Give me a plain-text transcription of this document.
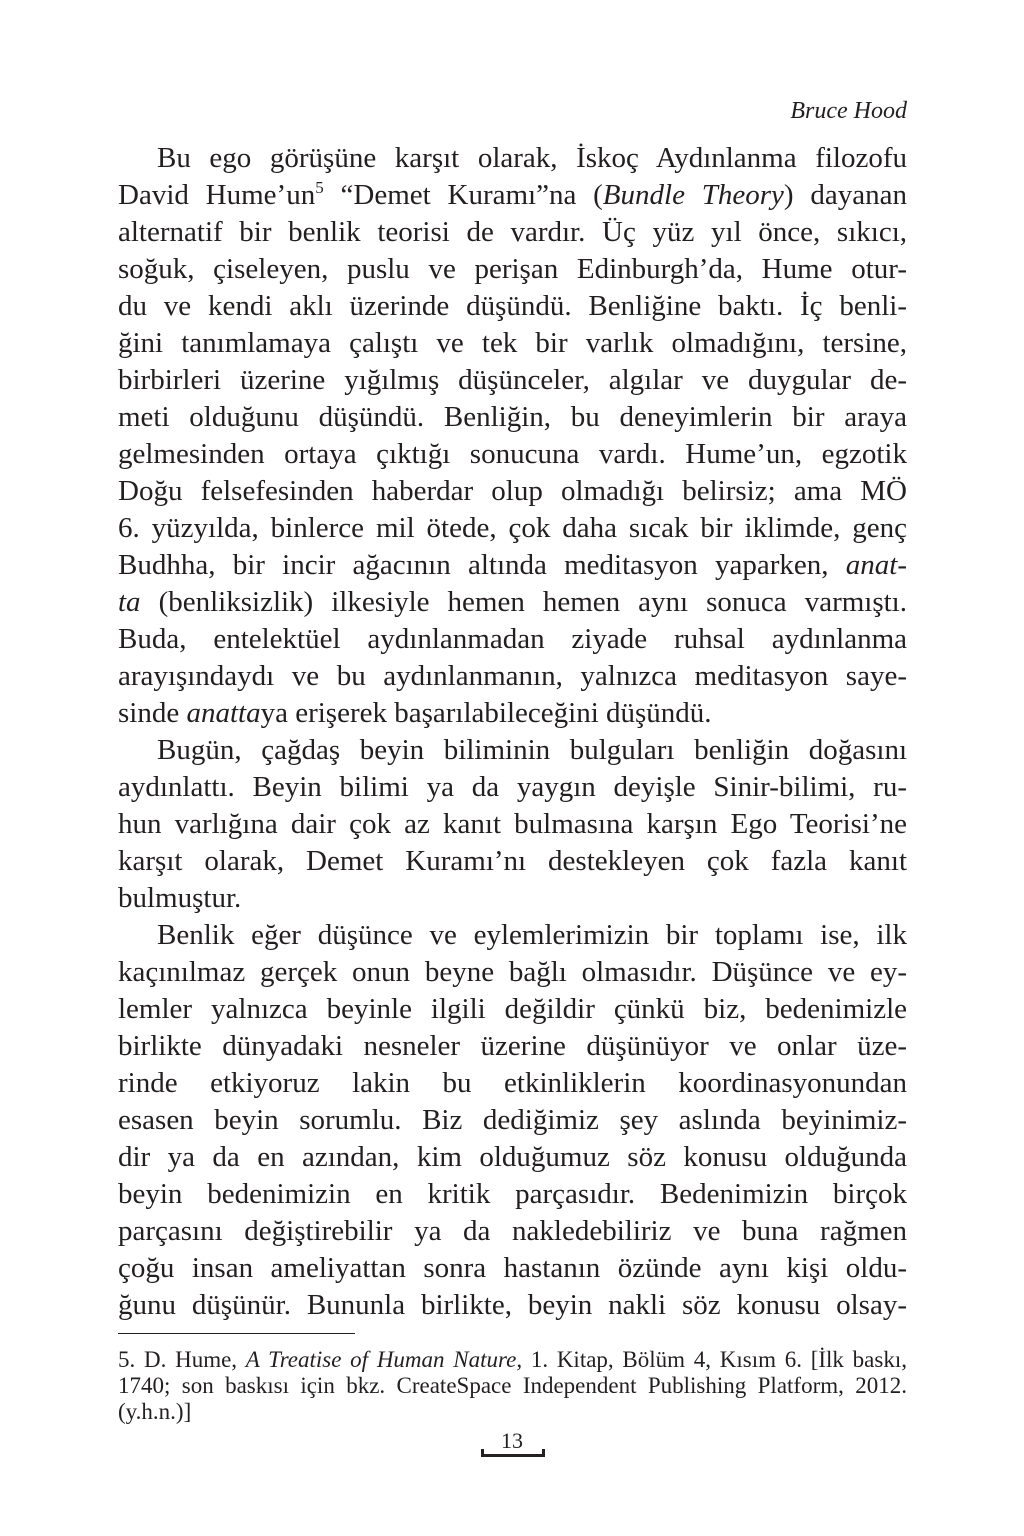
Bruce Hood
Bu ego görüşüne karşıt olarak, İskoç Aydınlanma filozofu
David Hume’un$^5$ “Demet Kuramı”na (Bundle Theory) dayanan
alternatif bir benlik teorisi de vardır. Üç yüz yıl önce, sıkıcı,
soğuk, çiseleyen, puslu ve perişan Edinburgh’da, Hume otur-
du ve kendi aklı üzerinde düşündü. Benliğine baktı. İç benli-
ğini tanımlamaya çalıştı ve tek bir varlık olmadığını, tersine,
birbirleri üzerine yığılmış düşünceler, algılar ve duygular de-
meti olduğunu düşündü. Benliğin, bu deneyimlerin bir araya
gelmesinden ortaya çıktığı sonucuna vardı. Hume’un, egzotik
Doğu felsefesinden haberdar olup olmadığı belirsiz; ama MÖ
6. yüzyılda, binlerce mil ötede, çok daha sıcak bir iklimde, genç
Budhha, bir incir ağacının altında meditasyon yaparken, anat-
ta (benliksizlik) ilkesiyle hemen hemen aynı sonuca varmıştı.
Buda, entelektüel aydınlanmadan ziyade ruhsal aydınlanma
arayışındaydı ve bu aydınlanmanın, yalnızca meditasyon saye-
sinde anattaya erişerek başarılabileceğini düşündü.
Bugün, çağdaş beyin biliminin bulguları benliğin doğasını
aydınlattı. Beyin bilimi ya da yaygın deyişle Sinir-bilimi, ru-
hun varlığına dair çok az kanıt bulmasına karşın Ego Teorisi’ne
karşıt olarak, Demet Kuramı’nı destekleyen çok fazla kanıt
bulmuştur.
Benlik eğer düşünce ve eylemlerimizin bir toplamı ise, ilk
kaçınılmaz gerçek onun beyne bağlı olmasıdır. Düşünce ve ey-
lemler yalnızca beyinle ilgili değildir çünkü biz, bedenimizle
birlikte dünyadaki nesneler üzerine düşünüyor ve onlar üze-
rinde etkiyoruz lakin bu etkinliklerin koordinasyonundan
esasen beyin sorumlu. Biz dediğimiz şey aslında beyinimiz-
dir ya da en azından, kim olduğumuz söz konusu olduğunda
beyin bedenimizin en kritik parçasıdır. Bedenimizin birçok
parçasını değiştirebilir ya da nakledebiliriz ve buna rağmen
çoğu insan ameliyattan sonra hastanın özünde aynı kişi oldu-
ğunu düşünür. Bununla birlikte, beyin nakli söz konusu olsay-
5. D. Hume, A Treatise of Human Nature, 1. Kitap, Bölüm 4, Kısım 6. [İlk baskı,
1740; son baskısı için bkz. CreateSpace Independent Publishing Platform, 2012.
(y.h.n.)]
13
